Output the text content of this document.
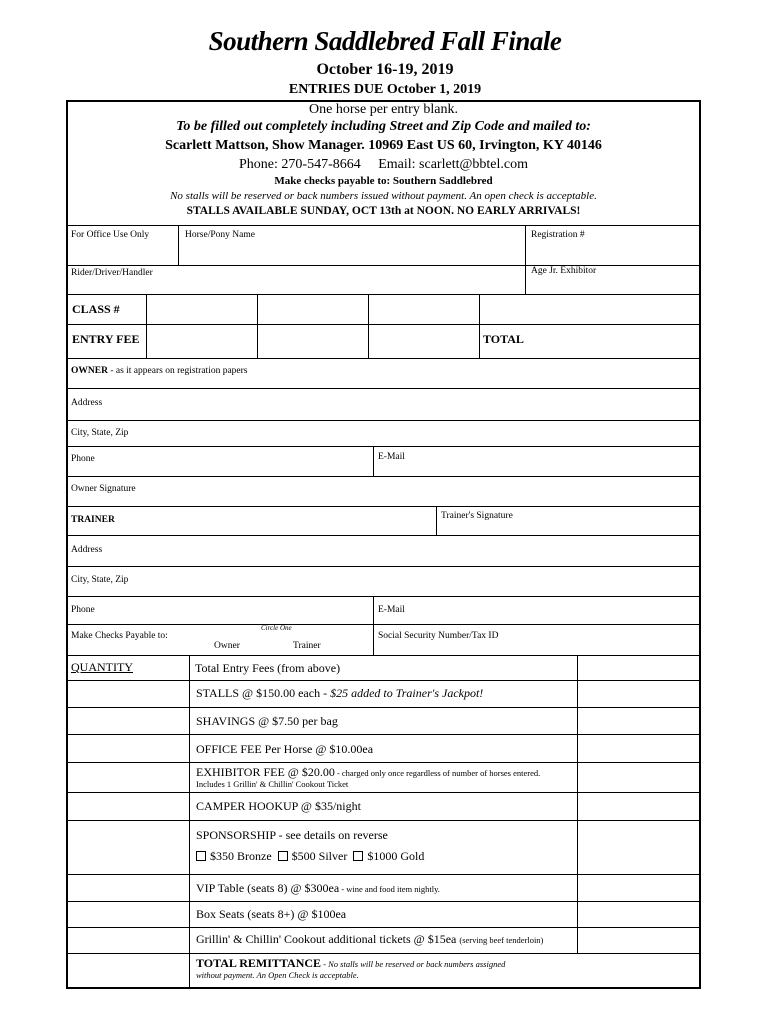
Southern Saddlebred Fall Finale
October 16-19, 2019
ENTRIES DUE October 1, 2019
One horse per entry blank.
To be filled out completely including Street and Zip Code and mailed to:
Scarlett Mattson, Show Manager. 10969 East US 60, Irvington, KY 40146
Phone: 270-547-8664     Email: scarlett@bbtel.com
Make checks payable to: Southern Saddlebred
No stalls will be reserved or back numbers issued without payment. An open check is acceptable.
STALLS AVAILABLE SUNDAY, OCT 13th at NOON. NO EARLY ARRIVALS!
For Office Use Only	Horse/Pony Name	Registration #
Rider/Driver/Handler	Age Jr. Exhibitor
CLASS #
ENTRY FEE	TOTAL
OWNER - as it appears on registration papers
Address
City, State, Zip
Phone	E-Mail
Owner Signature
TRAINER	Trainer's Signature
Address
City, State, Zip
Phone	E-Mail
Make Checks Payable to:
Circle One
Owner	Trainer
Social Security Number/Tax ID
QUANTITY	Total Entry Fees (from above)
STALLS @ $150.00 each - $25 added to Trainer's Jackpot!
SHAVINGS @ $7.50 per bag
OFFICE FEE Per Horse @ $10.00ea
EXHIBITOR FEE @ $20.00 - charged only once regardless of number of horses entered.
Includes 1 Grillin' & Chillin' Cookout Ticket
CAMPER HOOKUP @ $35/night
SPONSORSHIP - see details on reverse
$350 Bronze $500 Silver $1000 Gold
VIP Table (seats 8) @ $300ea - wine and food item nightly.
Box Seats (seats 8+) @ $100ea
Grillin' & Chillin' Cookout additional tickets @ $15ea (serving beef tenderloin)
TOTAL REMITTANCE - No stalls will be reserved or back numbers assigned
without payment. An Open Check is acceptable.
